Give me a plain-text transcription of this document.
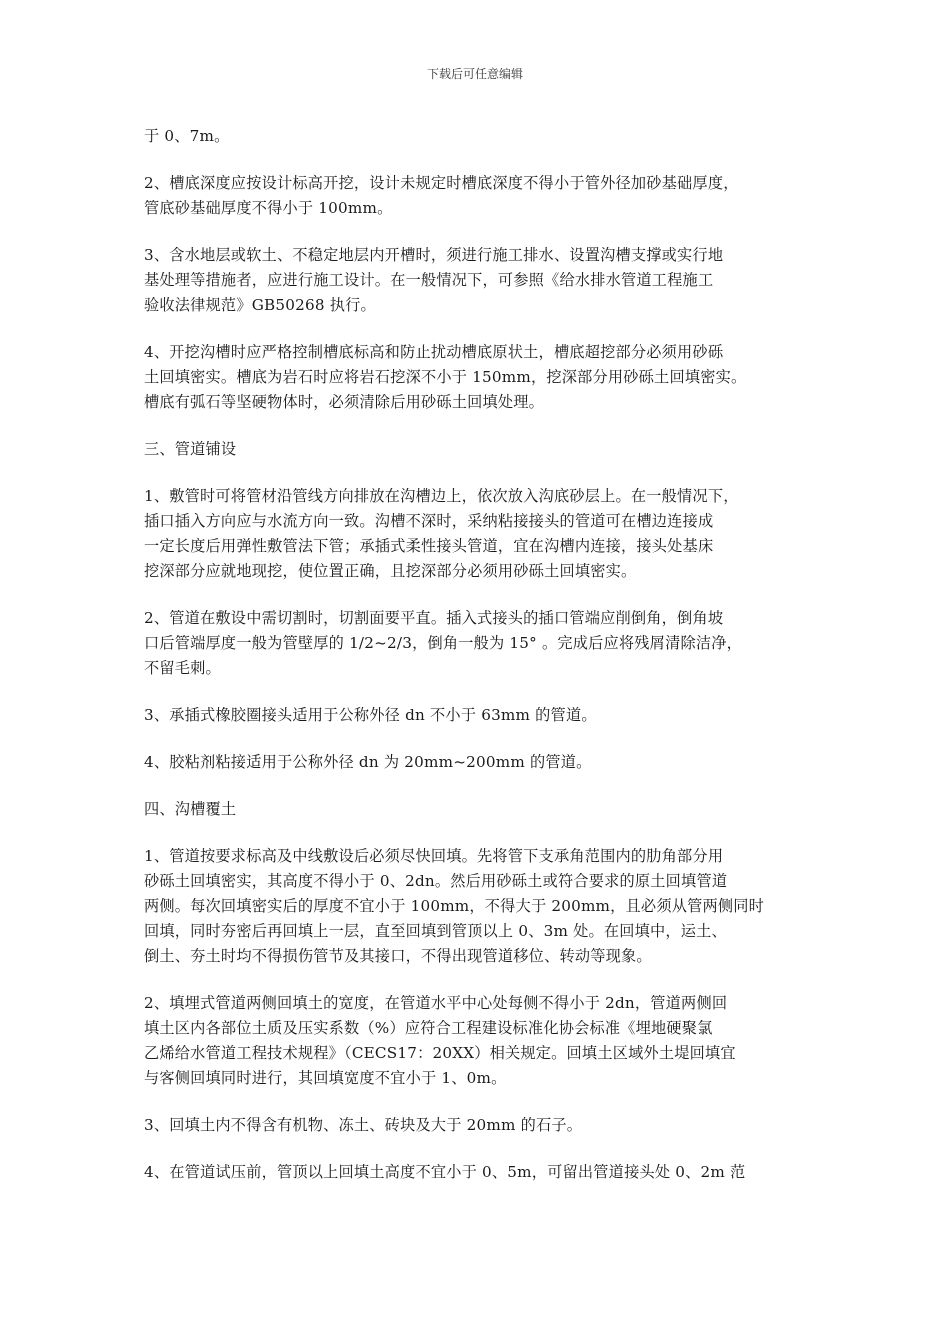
下载后可任意编辑

于 0、7m。

2、槽底深度应按设计标高开挖，设计未规定时槽底深度不得小于管外径加砂基础厚度，
管底砂基础厚度不得小于 100mm。

3、含水地层或软土、不稳定地层内开槽时，须进行施工排水、设置沟槽支撑或实行地
基处理等措施者，应进行施工设计。在一般情况下，可参照《给水排水管道工程施工
验收法律规范》GB50268 执行。

4、开挖沟槽时应严格控制槽底标高和防止扰动槽底原状土，槽底超挖部分必须用砂砾
土回填密实。槽底为岩石时应将岩石挖深不小于 150mm，挖深部分用砂砾土回填密实。
槽底有弧石等坚硬物体时，必须清除后用砂砾土回填处理。

三、管道铺设

1、敷管时可将管材沿管线方向排放在沟槽边上，依次放入沟底砂层上。在一般情况下，
插口插入方向应与水流方向一致。沟槽不深时，采纳粘接接头的管道可在槽边连接成
一定长度后用弹性敷管法下管；承插式柔性接头管道，宜在沟槽内连接，接头处基床
挖深部分应就地现挖，使位置正确，且挖深部分必须用砂砾土回填密实。

2、管道在敷设中需切割时，切割面要平直。插入式接头的插口管端应削倒角，倒角坡
口后管端厚度一般为管壁厚的 1/2~2/3，倒角一般为 15° 。完成后应将残屑清除洁净，
不留毛刺。

3、承插式橡胶圈接头适用于公称外径 dn 不小于 63mm 的管道。

4、胶粘剂粘接适用于公称外径 dn 为 20mm~200mm 的管道。

四、沟槽覆土

1、管道按要求标高及中线敷设后必须尽快回填。先将管下支承角范围内的肋角部分用
砂砾土回填密实，其高度不得小于 0、2dn。然后用砂砾土或符合要求的原土回填管道
两侧。每次回填密实后的厚度不宜小于 100mm，不得大于 200mm，且必须从管两侧同时
回填，同时夯密后再回填上一层，直至回填到管顶以上 0、3m 处。在回填中，运土、
倒土、夯土时均不得损伤管节及其接口，不得出现管道移位、转动等现象。

2、填埋式管道两侧回填土的宽度，在管道水平中心处每侧不得小于 2dn，管道两侧回
填土区内各部位土质及压实系数（%）应符合工程建设标准化协会标准《埋地硬聚氯
乙烯给水管道工程技术规程》（CECS17：20XX）相关规定。回填土区域外土堤回填宜
与客侧回填同时进行，其回填宽度不宜小于 1、0m。

3、回填土内不得含有机物、冻土、砖块及大于 20mm 的石子。

4、在管道试压前，管顶以上回填土高度不宜小于 0、5m，可留出管道接头处 0、2m 范
